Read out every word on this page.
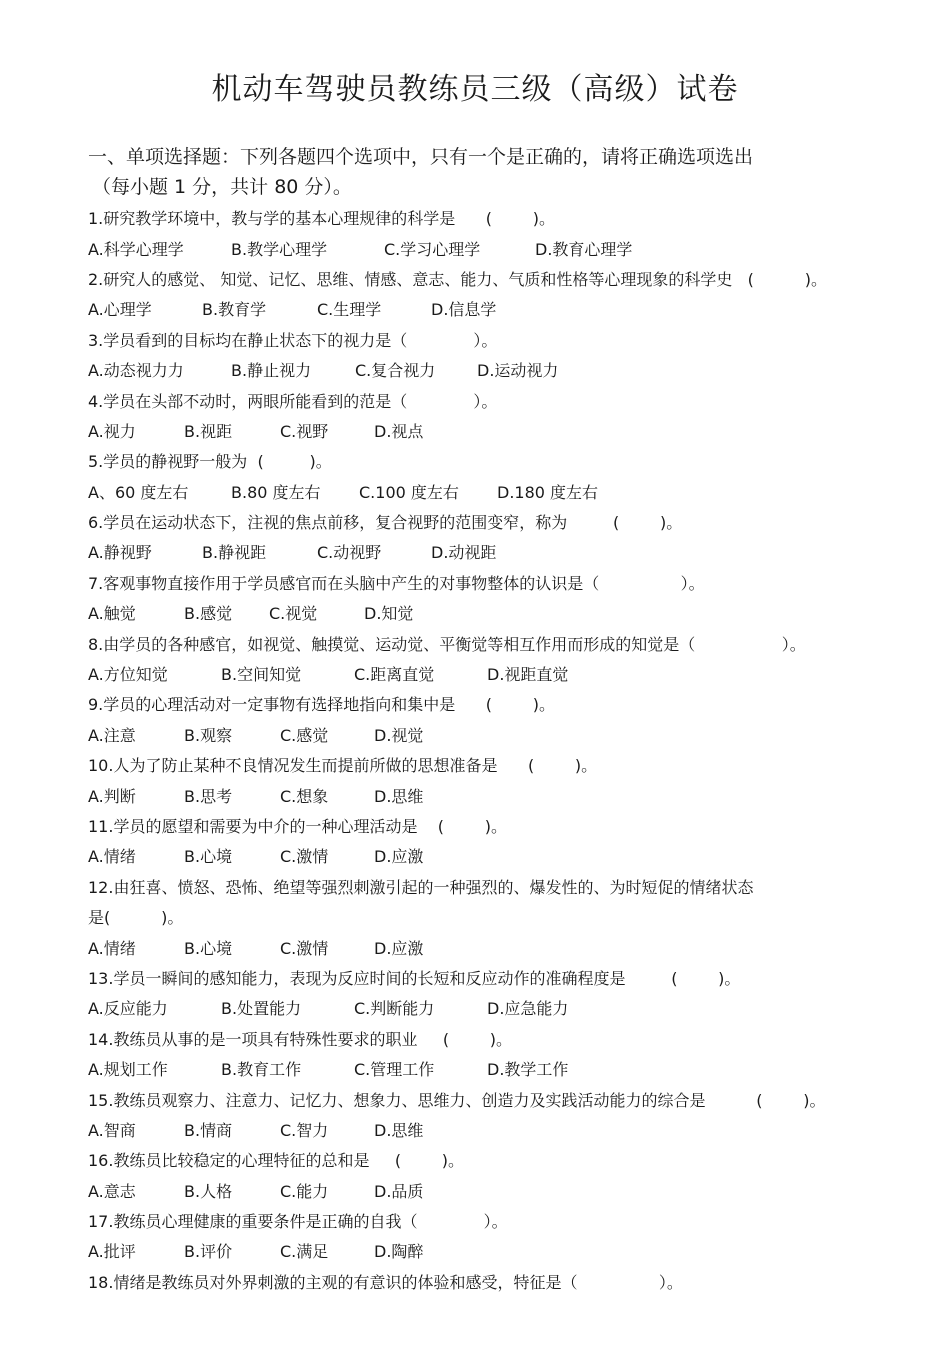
机动车驾驶员教练员三级（高级）试卷
一、单项选择题：下列各题四个选项中，只有一个是正确的，请将正确选项选出
（每小题 1 分，共计 80 分）。
1.研究教学环境中，教与学的基本心理规律的科学是      (        )。
A.科学心理学	B.教学心理学	C.学习心理学	D.教育心理学
2.研究人的感觉、 知觉、记忆、思维、情感、意志、能力、气质和性格等心理现象的科学史   (          )。
A.心理学	B.教育学	C.生理学	D.信息学
3.学员看到的目标均在静止状态下的视力是（             ）。
A.动态视力力	B.静止视力	C.复合视力	D.运动视力
4.学员在头部不动时，两眼所能看到的范是（             ）。
A.视力	B.视距	C.视野	D.视点
5.学员的静视野一般为  (         )。
A、60 度左右	B.80 度左右	C.100 度左右	D.180 度左右
6.学员在运动状态下，注视的焦点前移，复合视野的范围变窄，称为         (        )。
A.静视野	B.静视距	C.动视野	D.动视距
7.客观事物直接作用于学员感官而在头脑中产生的对事物整体的认识是（                ）。
A.触觉	B.感觉	C.视觉	D.知觉
8.由学员的各种感官，如视觉、触摸觉、运动觉、平衡觉等相互作用而形成的知觉是（                 ）。
A.方位知觉	B.空间知觉	C.距离直觉	D.视距直觉
9.学员的心理活动对一定事物有选择地指向和集中是      (        )。
A.注意	B.观察	C.感觉	D.视觉
10.人为了防止某种不良情况发生而提前所做的思想准备是      (        )。
A.判断	B.思考	C.想象	D.思维
11.学员的愿望和需要为中介的一种心理活动是    (        )。
A.情绪	B.心境	C.激情	D.应激
12.由狂喜、愤怒、恐怖、绝望等强烈刺激引起的一种强烈的、爆发性的、为时短促的情绪状态
是(          )。
A.情绪	B.心境	C.激情	D.应激
13.学员一瞬间的感知能力，表现为反应时间的长短和反应动作的准确程度是         (        )。
A.反应能力	B.处置能力	C.判断能力	D.应急能力
14.教练员从事的是一项具有特殊性要求的职业     (        )。
A.规划工作	B.教育工作	C.管理工作	D.教学工作
15.教练员观察力、注意力、记忆力、想象力、思维力、创造力及实践活动能力的综合是          (        )。
A.智商	B.情商	C.智力	D.思维
16.教练员比较稳定的心理特征的总和是     (        )。
A.意志	B.人格	C.能力	D.品质
17.教练员心理健康的重要条件是正确的自我（             ）。
A.批评	B.评价	C.满足	D.陶醉
18.情绪是教练员对外界刺激的主观的有意识的体验和感受，特征是（                ）。
